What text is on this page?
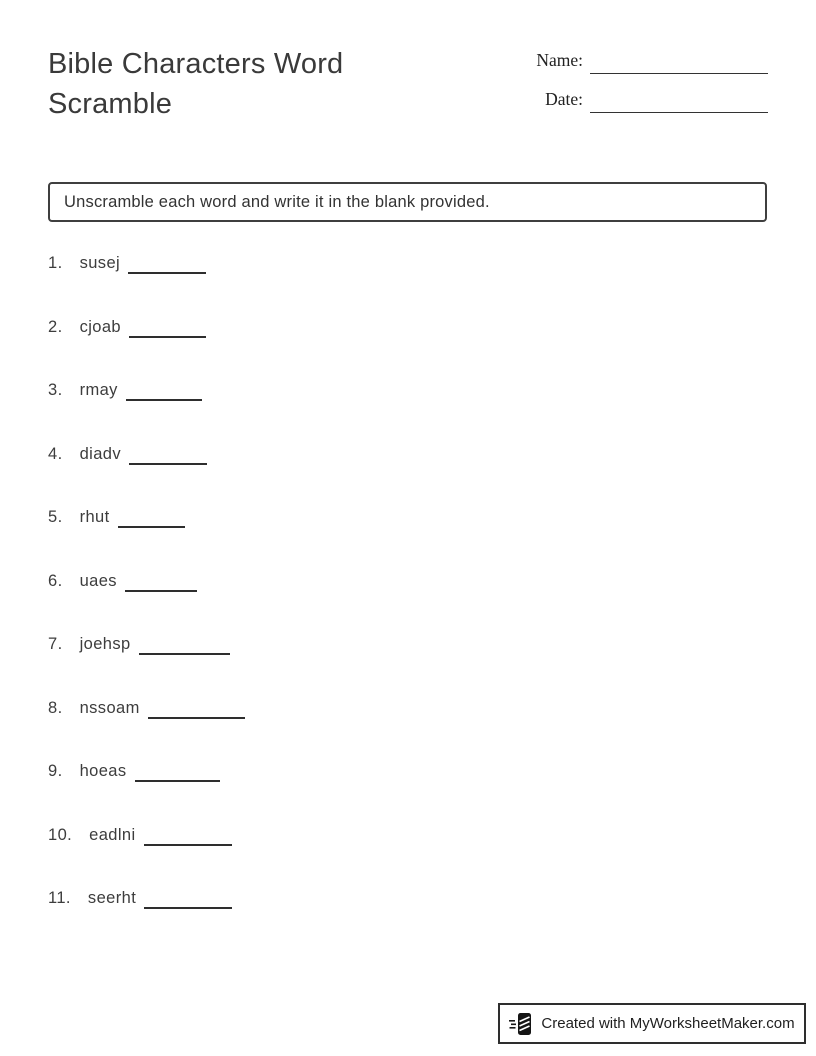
Bible Characters Word Scramble
Name:
Date:
Unscramble each word and write it in the blank provided.
1. susej
2. cjoab
3. rmay
4. diadv
5. rhut
6. uaes
7. joehsp
8. nssoam
9. hoeas
10. eadlni
11. seerht
Created with MyWorksheetMaker.com
